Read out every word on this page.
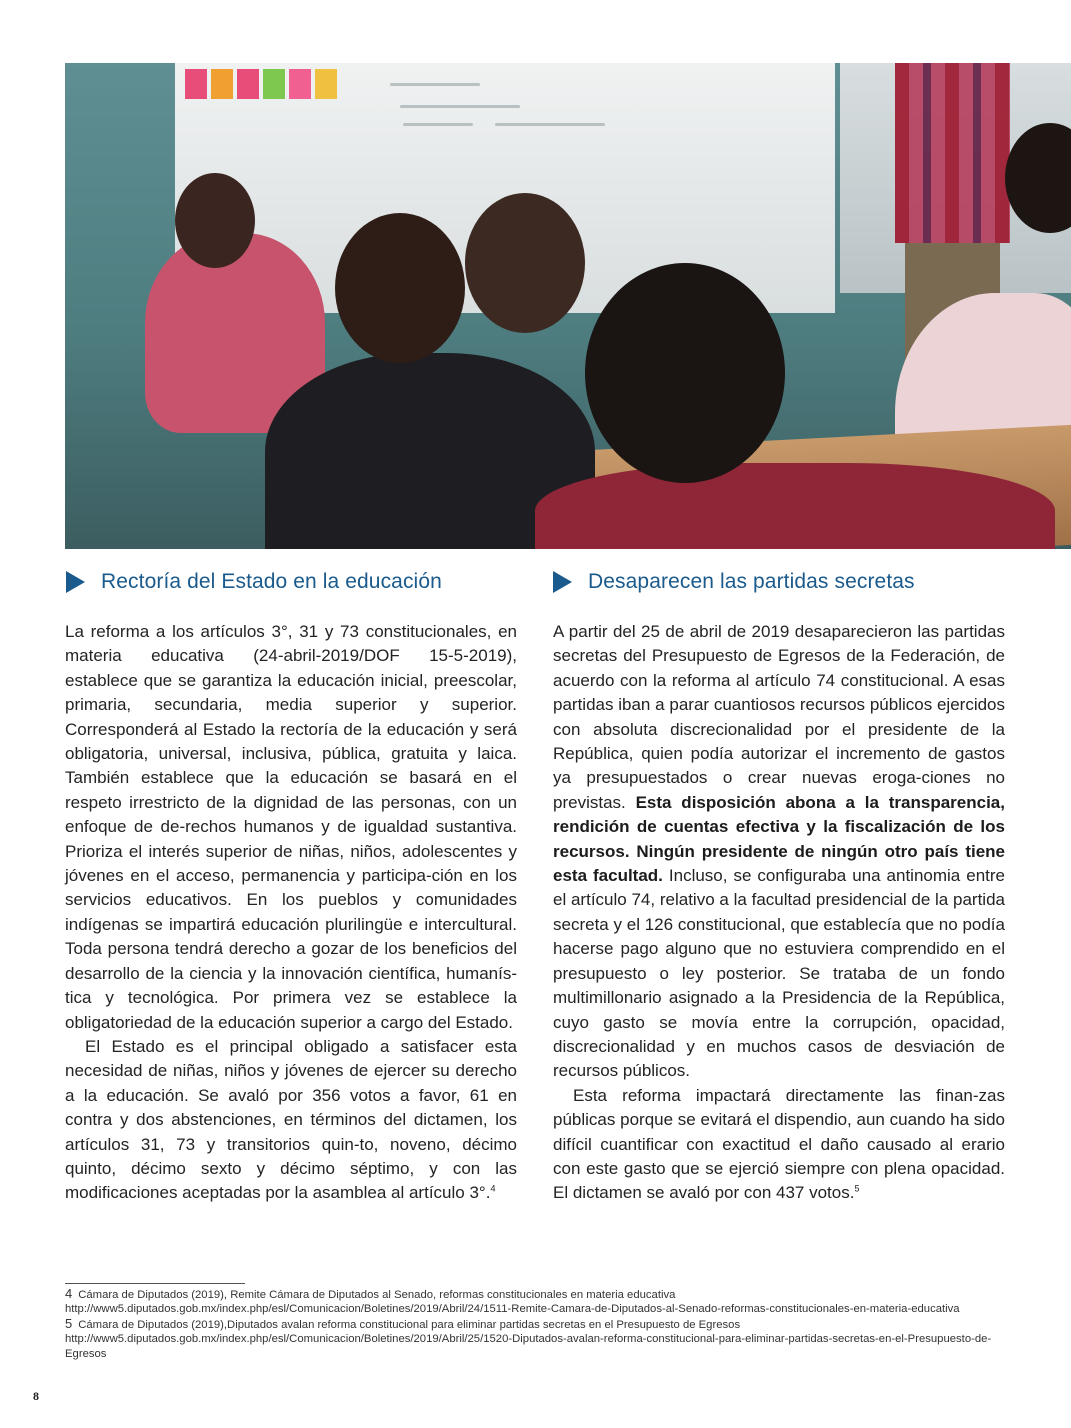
Rectoría del Estado en la educación	Desaparecen las partidas secretas

La reforma a los artículos 3°, 31 y 73 constitucionales, en materia educativa (24-abril-2019/DOF 15-5-2019), establece que se garantiza la educación inicial, preescolar, primaria, secundaria, media superior y superior. Corresponderá al Estado la rectoría de la educación y será obligatoria, universal, inclusiva, pública, gratuita y laica. También establece que la educación se basará en el respeto irrestricto de la dignidad de las personas, con un enfoque de de-rechos humanos y de igualdad sustantiva. Prioriza el interés superior de niñas, niños, adolescentes y jóvenes en el acceso, permanencia y participa-ción en los servicios educativos. En los pueblos y comunidades indígenas se impartirá educación plurilingüe e intercultural. Toda persona tendrá derecho a gozar de los beneficios del desarrollo de la ciencia y la innovación científica, humanís-tica y tecnológica. Por primera vez se establece la obligatoriedad de la educación superior a cargo del Estado.

El Estado es el principal obligado a satisfacer esta necesidad de niñas, niños y jóvenes de ejercer su derecho a la educación. Se avaló por 356 votos a favor, 61 en contra y dos abstenciones, en términos del dictamen, los artículos 31, 73 y transitorios quin-to, noveno, décimo quinto, décimo sexto y décimo séptimo, y con las modificaciones aceptadas por la asamblea al artículo 3°.$^4$

A partir del 25 de abril de 2019 desaparecieron las partidas secretas del Presupuesto de Egresos de la Federación, de acuerdo con la reforma al artículo 74 constitucional. A esas partidas iban a parar cuantiosos recursos públicos ejercidos con absoluta discrecionalidad por el presidente de la República, quien podía autorizar el incremento de gastos ya presupuestados o crear nuevas eroga-ciones no previstas. Esta disposición abona a la transparencia, rendición de cuentas efectiva y la fiscalización de los recursos. Ningún presidente de ningún otro país tiene esta facultad. Incluso, se configuraba una antinomia entre el artículo 74, relativo a la facultad presidencial de la partida secreta y el 126 constitucional, que establecía que no podía hacerse pago alguno que no estuviera comprendido en el presupuesto o ley posterior. Se trataba de un fondo multimillonario asignado a la Presidencia de la República, cuyo gasto se movía entre la corrupción, opacidad, discrecionalidad y en muchos casos de desviación de recursos públicos.

Esta reforma impactará directamente las finan-zas públicas porque se evitará el dispendio, aun cuando ha sido difícil cuantificar con exactitud el daño causado al erario con este gasto que se ejerció siempre con plena opacidad. El dictamen se avaló por con 437 votos.$^5$

4 Cámara de Diputados (2019), Remite Cámara de Diputados al Senado, reformas constitucionales en materia educativa http://www5.diputados.gob.mx/index.php/esl/Comunicacion/Boletines/2019/Abril/24/1511-Remite-Camara-de-Diputados-al-Senado-reformas-constitucionales-en-materia-educativa

5 Cámara de Diputados (2019),Diputados avalan reforma constitucional para eliminar partidas secretas en el Presupuesto de Egresos http://www5.diputados.gob.mx/index.php/esl/Comunicacion/Boletines/2019/Abril/25/1520-Diputados-avalan-reforma-constitucional-para-eliminar-partidas-secretas-en-el-Presupuesto-de-Egresos

8
